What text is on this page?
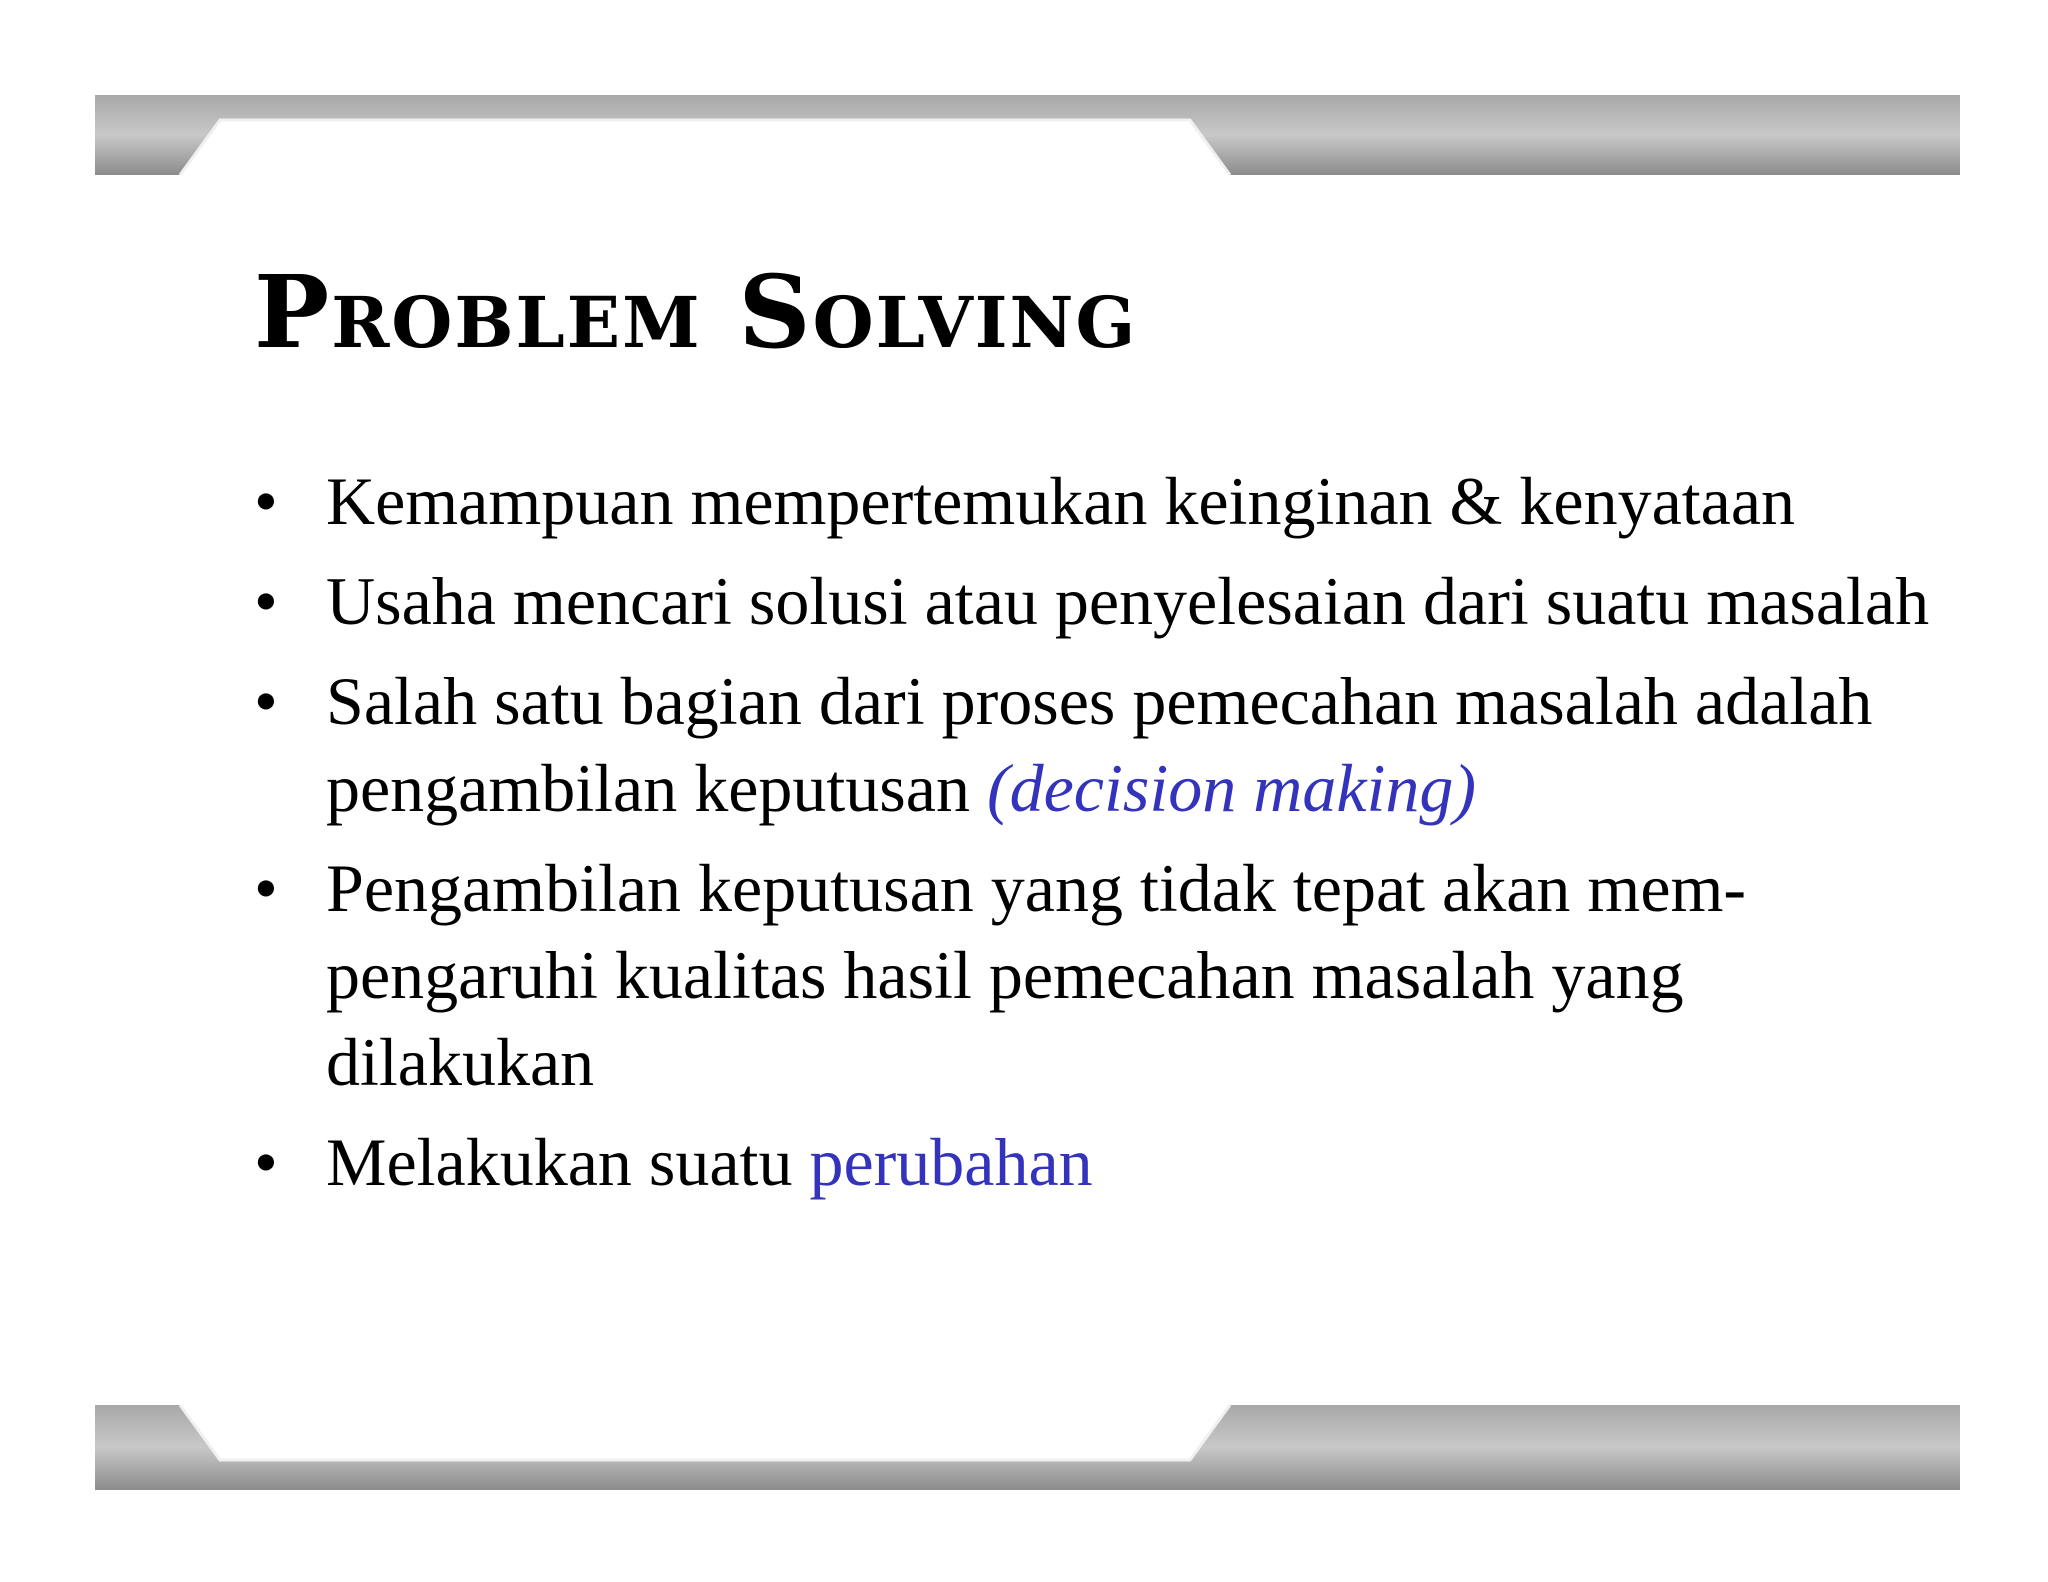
Problem Solving
• Kemampuan mempertemukan keinginan & kenyataan
• Usaha mencari solusi atau penyelesaian dari suatu masalah
• Salah satu bagian dari proses pemecahan masalah adalah pengambilan keputusan (decision making)
• Pengambilan keputusan yang tidak tepat akan mem-pengaruhi kualitas hasil pemecahan masalah yang dilakukan
• Melakukan suatu perubahan
